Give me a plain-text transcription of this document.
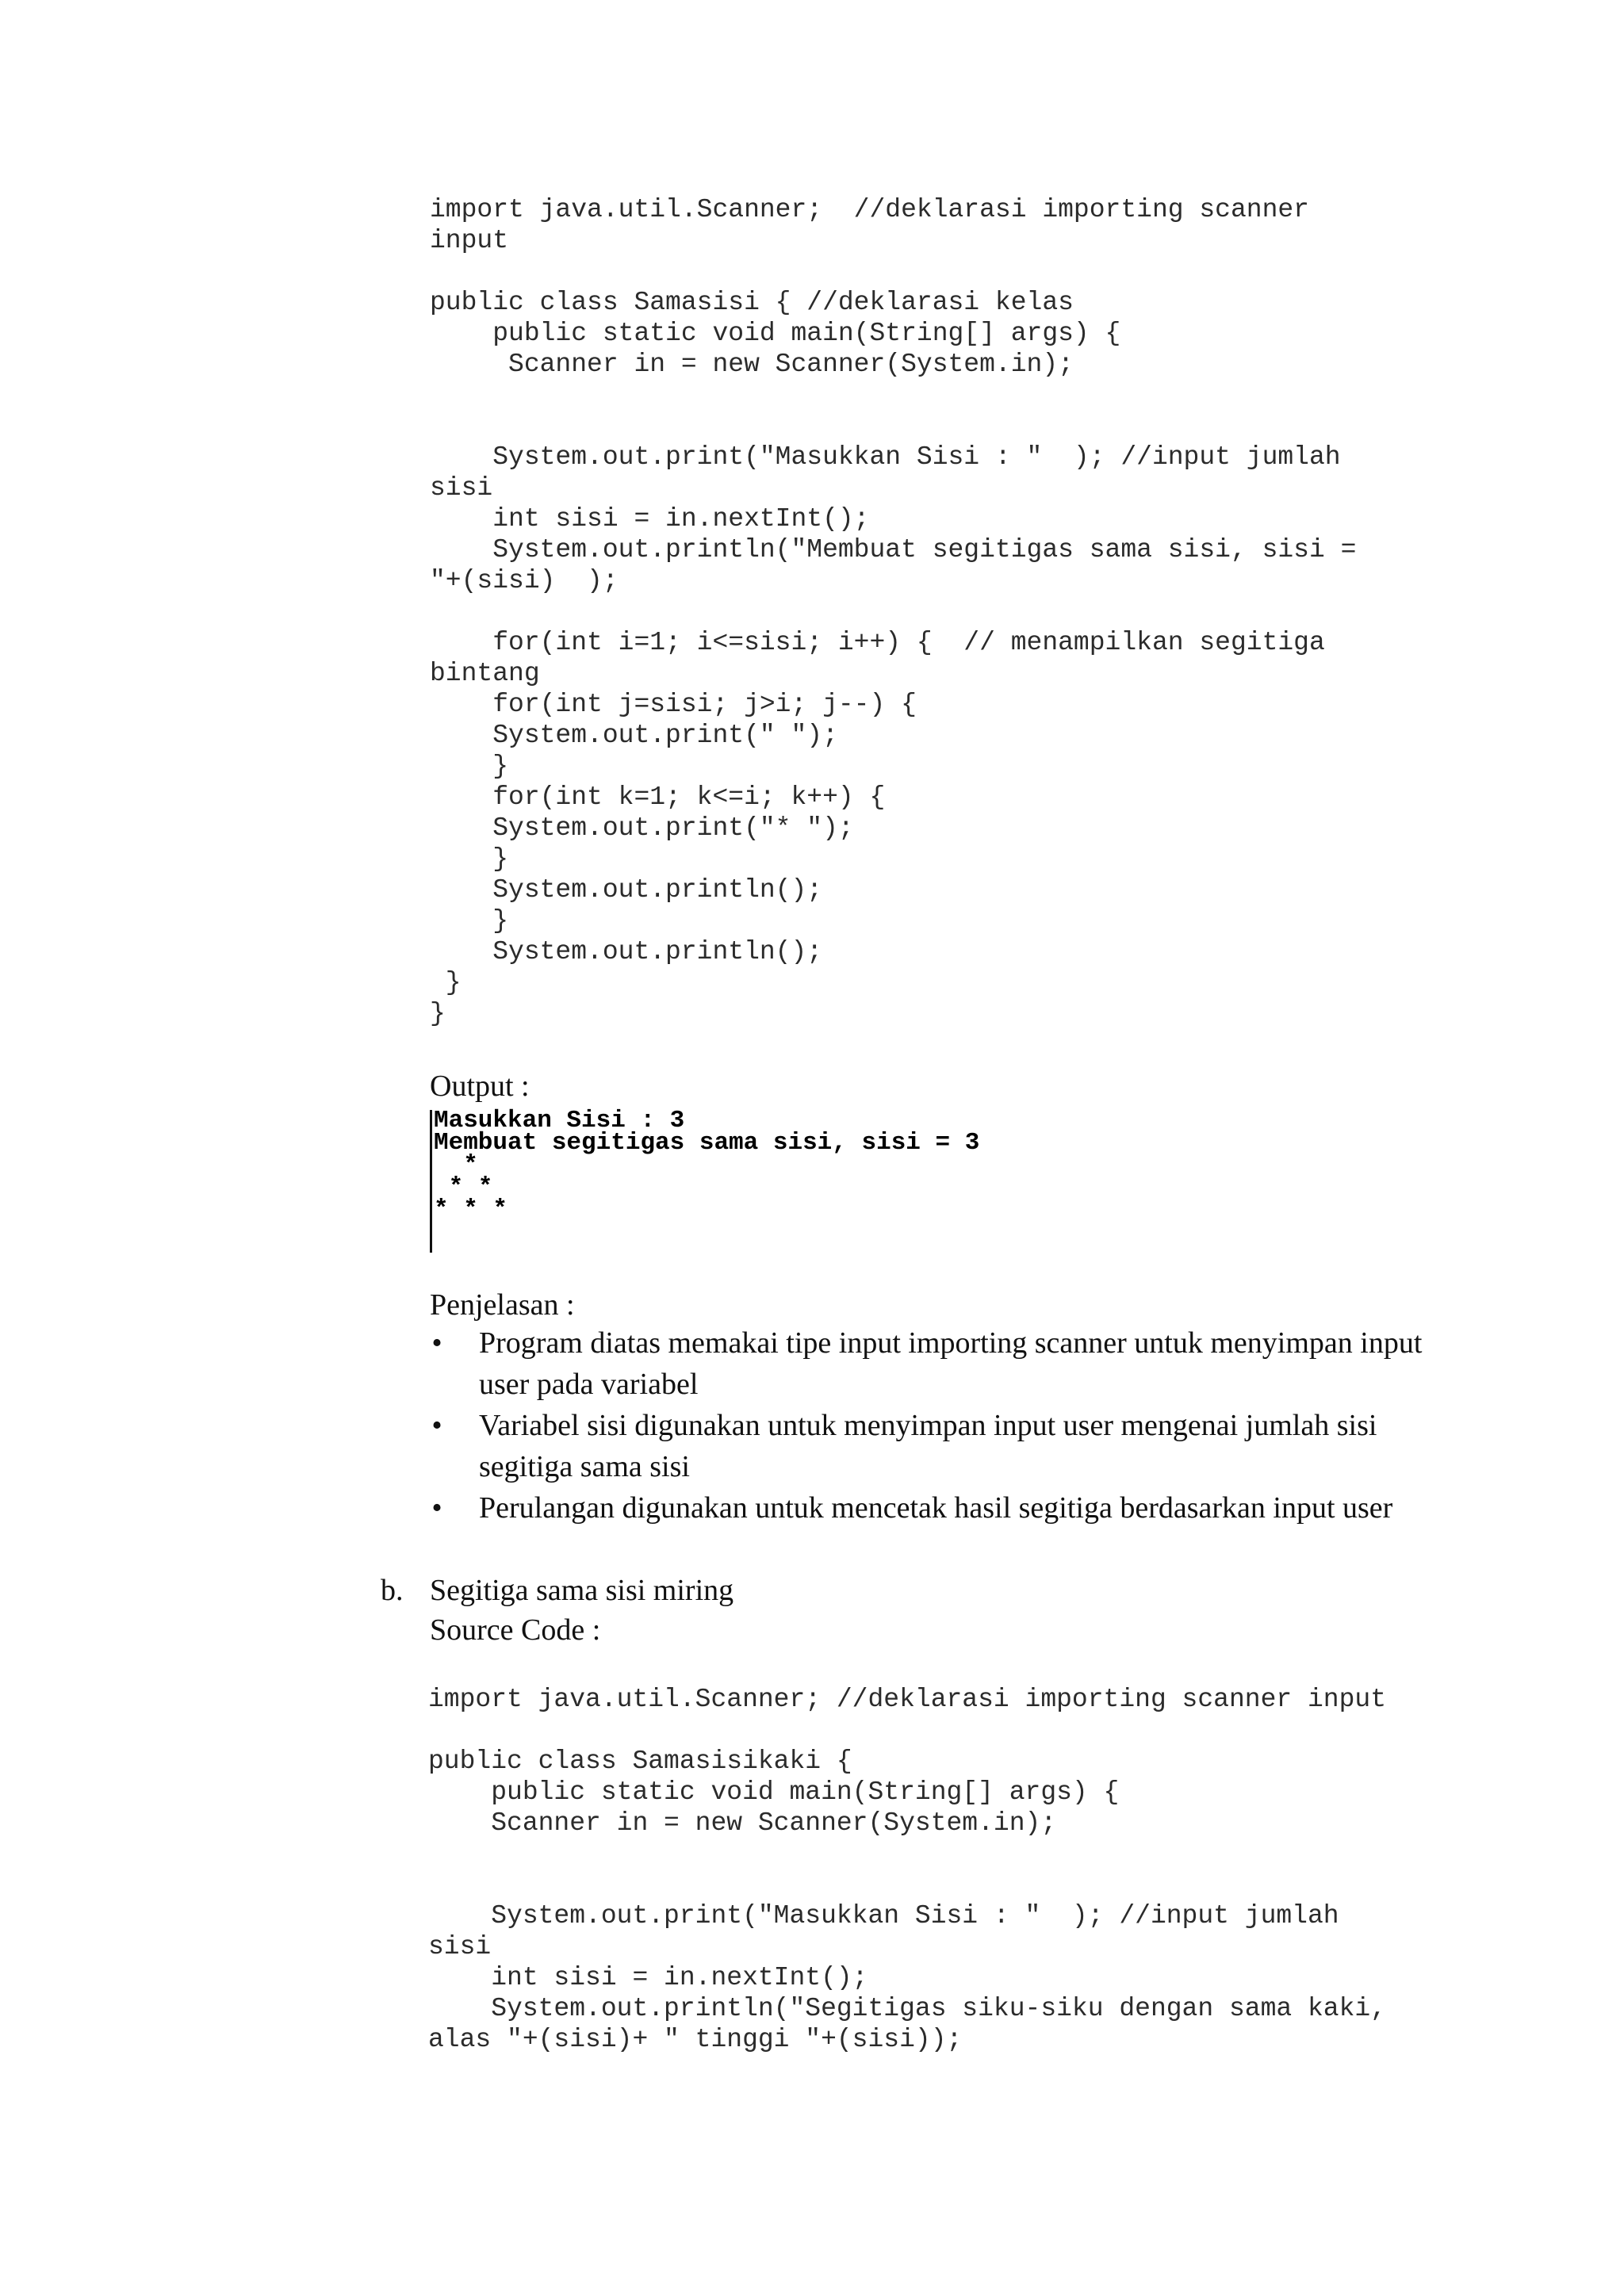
import java.util.Scanner;  //deklarasi importing scanner
input

public class Samasisi { //deklarasi kelas
public static void main(String[] args) {
Scanner in = new Scanner(System.in);

System.out.print("Masukkan Sisi : "  ); //input jumlah
sisi
int sisi = in.nextInt();
System.out.println("Membuat segitigas sama sisi, sisi =
"+(sisi)  );

for(int i=1; i<=sisi; i++) {  // menampilkan segitiga
bintang
for(int j=sisi; j>i; j--) {
System.out.print(" ");
}
for(int k=1; k<=i; k++) {
System.out.print("* ");
}
System.out.println();
}
System.out.println();
}
}
Output :
Masukkan Sisi : 3
Membuat segitigas sama sisi, sisi = 3
*
* *
* * *
Penjelasan :
• Program diatas memakai tipe input importing scanner untuk menyimpan input user pada variabel
• Variabel sisi digunakan untuk menyimpan input user mengenai jumlah sisi segitiga sama sisi
• Perulangan digunakan untuk mencetak hasil segitiga berdasarkan input user
b. Segitiga sama sisi miring
Source Code :
import java.util.Scanner; //deklarasi importing scanner input

public class Samasisikaki {
public static void main(String[] args) {
Scanner in = new Scanner(System.in);

System.out.print("Masukkan Sisi : "  ); //input jumlah
sisi
int sisi = in.nextInt();
System.out.println("Segitigas siku-siku dengan sama kaki,
alas "+(sisi)+ " tinggi "+(sisi));
